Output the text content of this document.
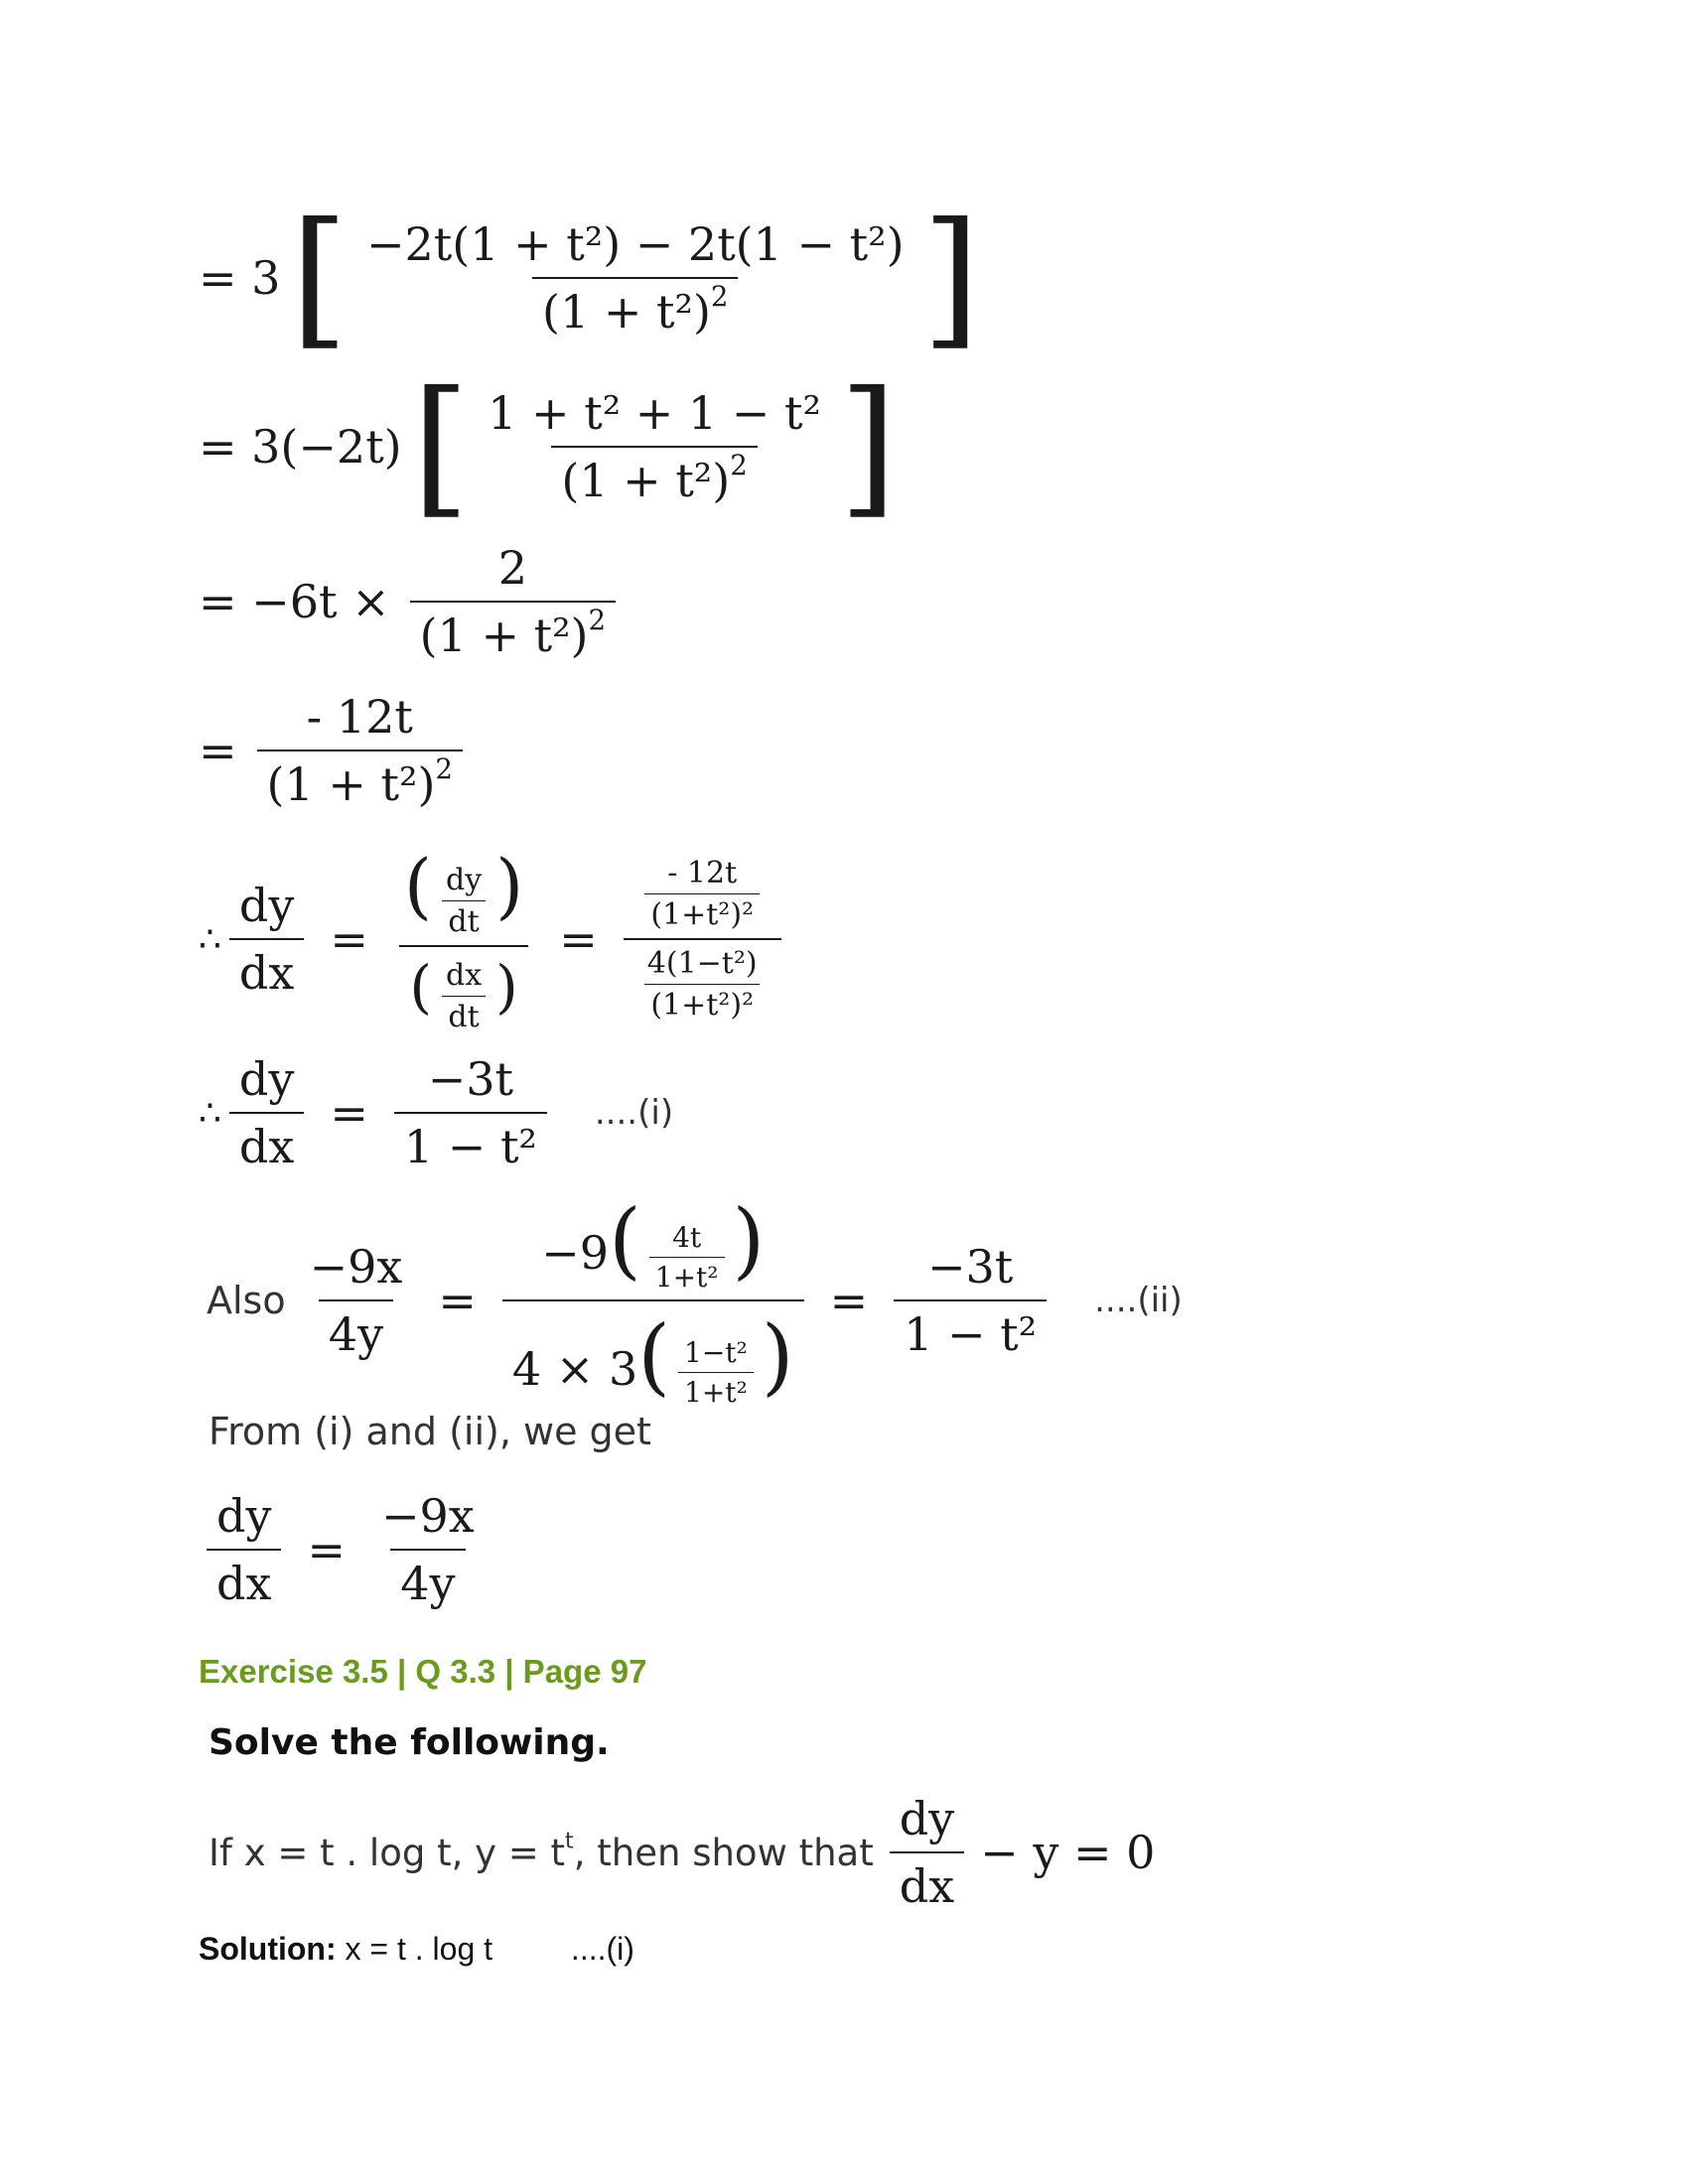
= 3 [ $\frac{\text{−2t(1 + t²) − 2t(1 − t²)}}{(1 + t^2)^2}$ ]
= 3(−2t) [ $\frac{\text{1 + t² + 1 − t²}}{(1 + t^2)^2}$ ]
= $-6t \times \frac{2}{(1 + t^2)^2}$
= $\frac{- 12t}{(1 + t^2)^2}$
∴ $\frac{dy}{dx} = \frac{( \frac{dy}{dt} )}{( \frac{dx}{dt} )} = \frac{\frac{- 12t}{\text{(1+t²)²}}}{\frac{\text{4(1−t²)}}{\text{(1+t²)²}}}$
∴ $\frac{dy}{dx} = \frac{-3t}{\text{1 − t²}} ....(i)$
Also $\frac{-9x}{4y} = \frac{-9( \frac{4t}{\text{1+t²}} )}{4 \times 3( \frac{\text{1−t²}}{\text{1+t²}} )} = \frac{-3t}{\text{1 − t²}} ....(ii)$
From (i) and (ii), we get
$\frac{dy}{dx} = \frac{-9x}{4y}$
Exercise 3.5 | Q 3.3 | Page 97
Solve the following.
If x = t . log t, $y = t^t$, then show that $\frac{dy}{dx} - y = 0$
Solution: x = t . log t ....(i)
